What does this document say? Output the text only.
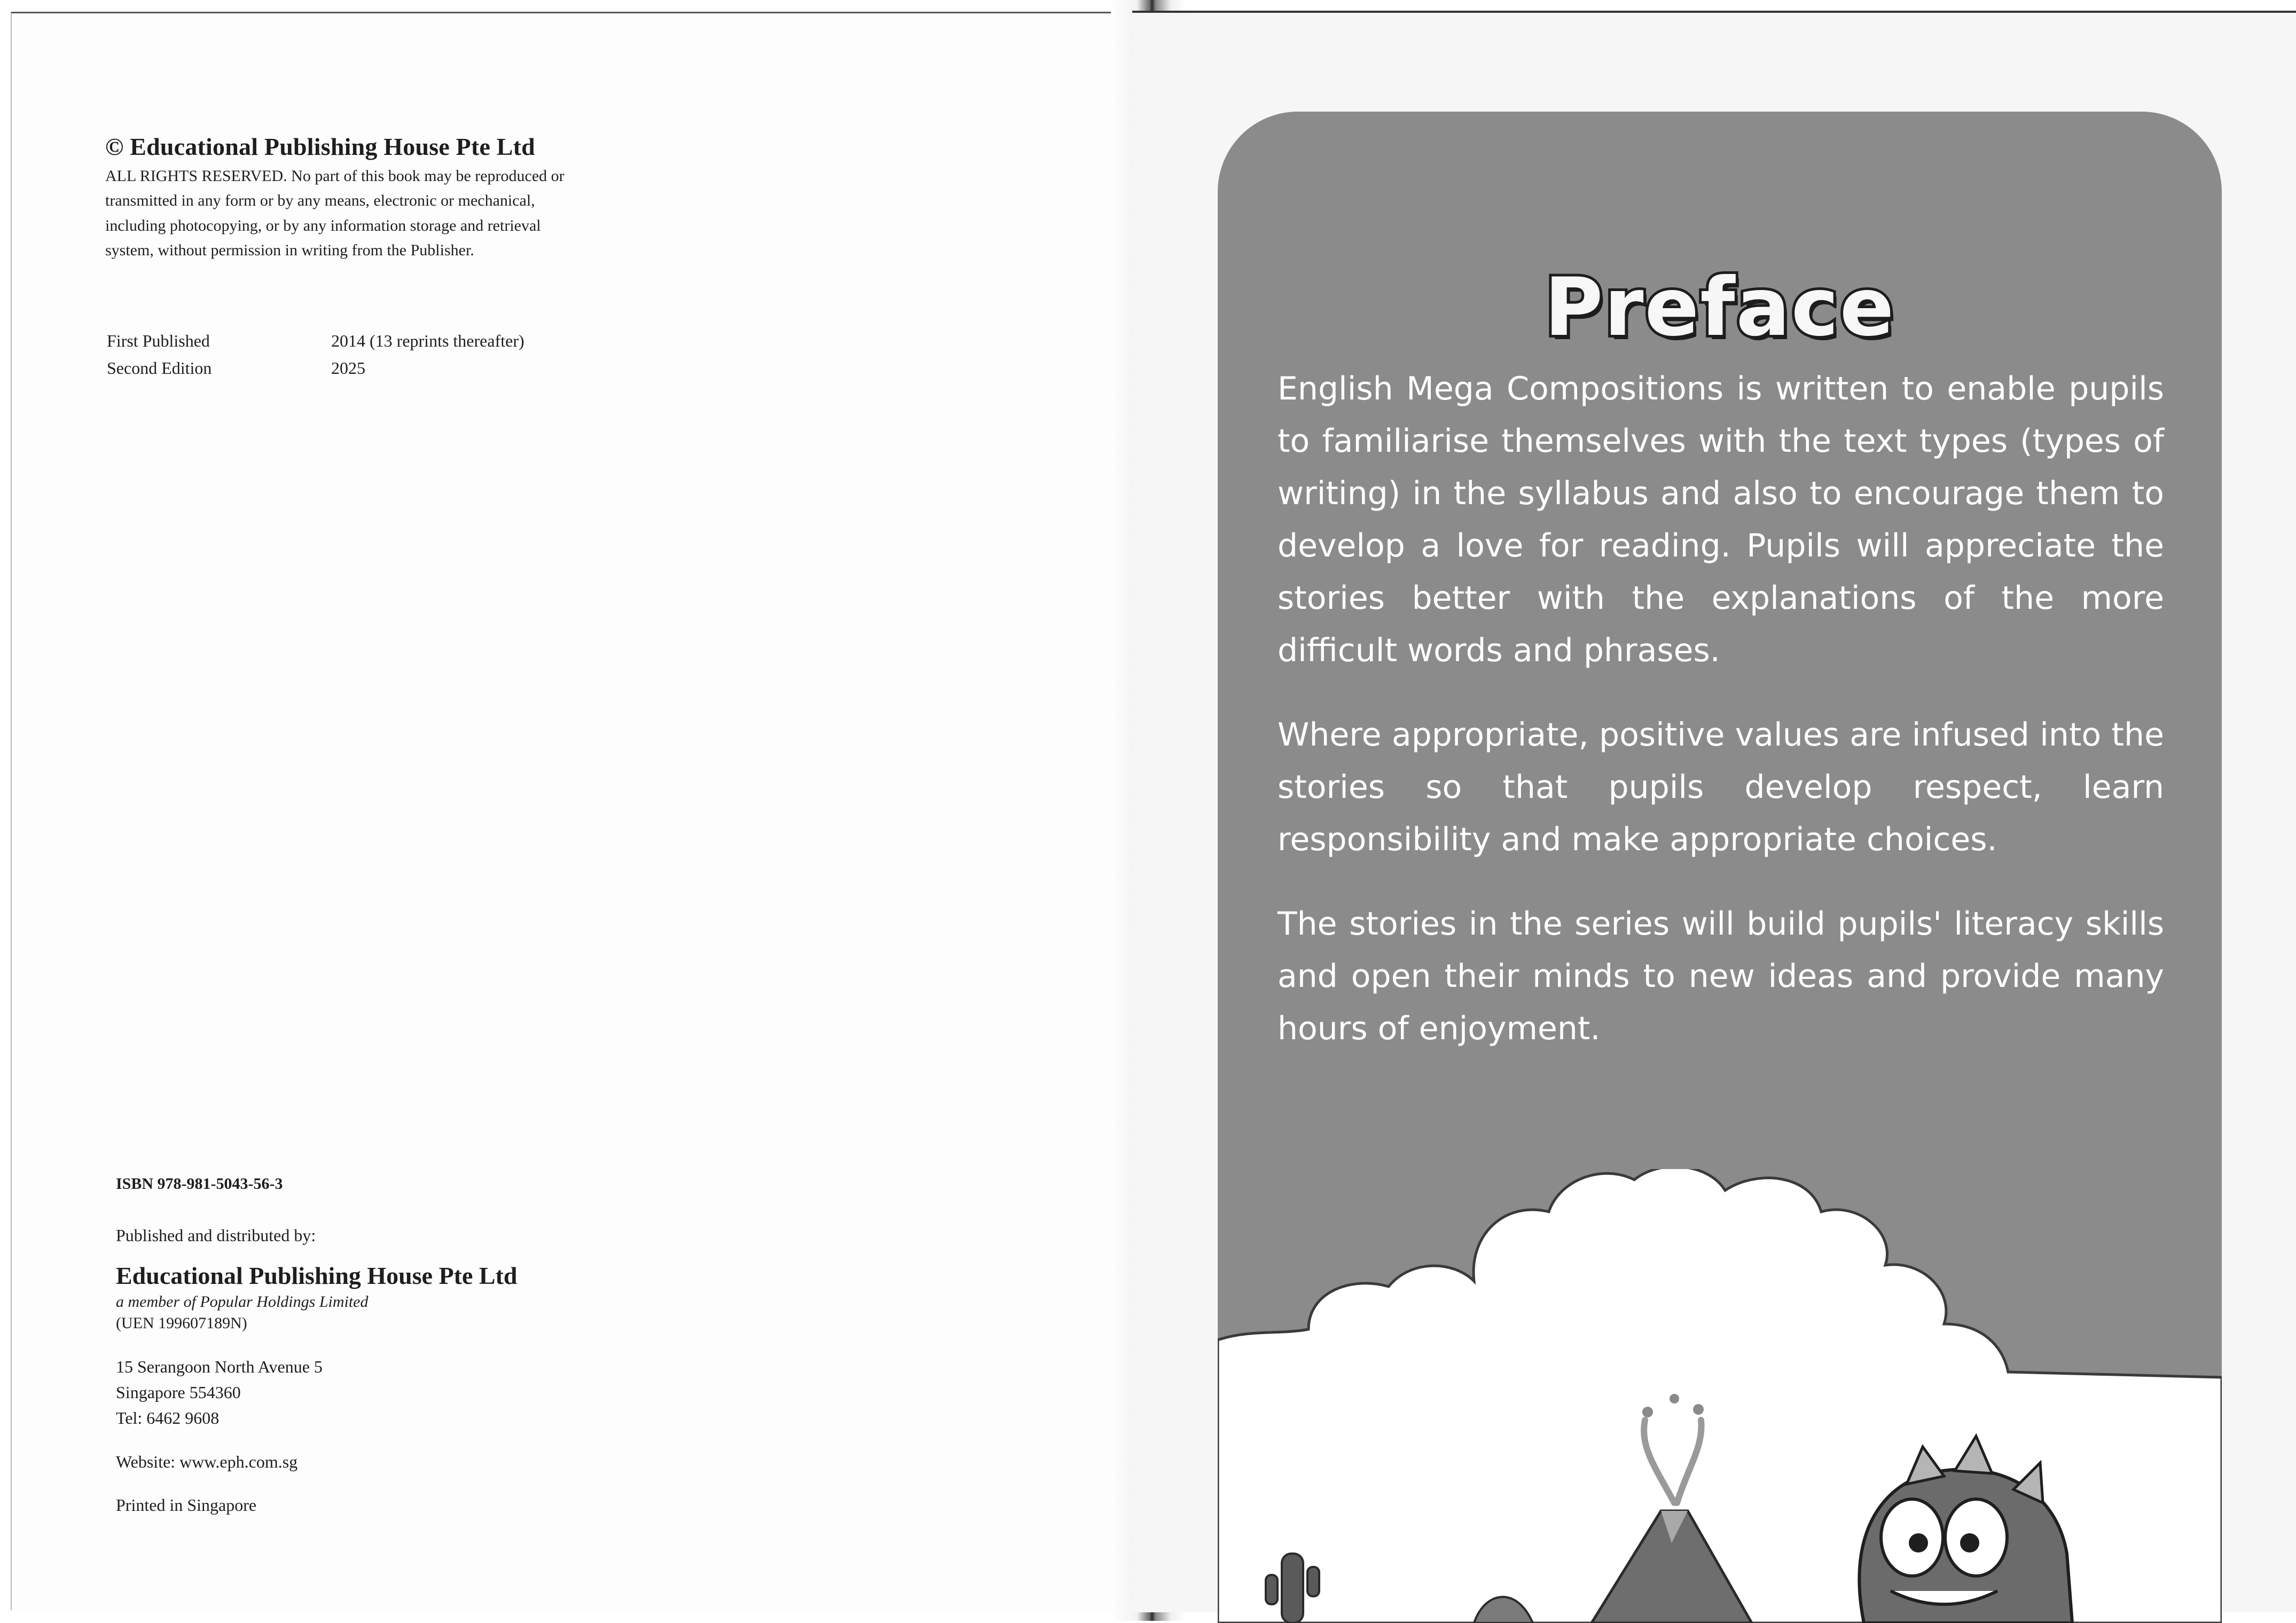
© Educational Publishing House Pte Ltd
ALL RIGHTS RESERVED. No part of this book may be reproduced or
transmitted in any form or by any means, electronic or mechanical,
including photocopying, or by any information storage and retrieval
system, without permission in writing from the Publisher.
First Published	2014 (13 reprints thereafter)
Second Edition	2025
ISBN 978-981-5043-56-3
Published and distributed by:
Educational Publishing House Pte Ltd
a member of Popular Holdings Limited
(UEN 199607189N)
15 Serangoon North Avenue 5
Singapore 554360
Tel: 6462 9608
Website: www.eph.com.sg
Printed in Singapore
Preface

English Mega Compositions is written to enable pupils to familiarise themselves with the text types (types of writing) in the syllabus and also to encourage them to develop a love for reading. Pupils will appreciate the stories better with the explanations of the more difficult words and phrases.

Where appropriate, positive values are infused into the stories so that pupils develop respect, learn responsibility and make appropriate choices.

The stories in the series will build pupils' literacy skills and open their minds to new ideas and provide many hours of enjoyment.
